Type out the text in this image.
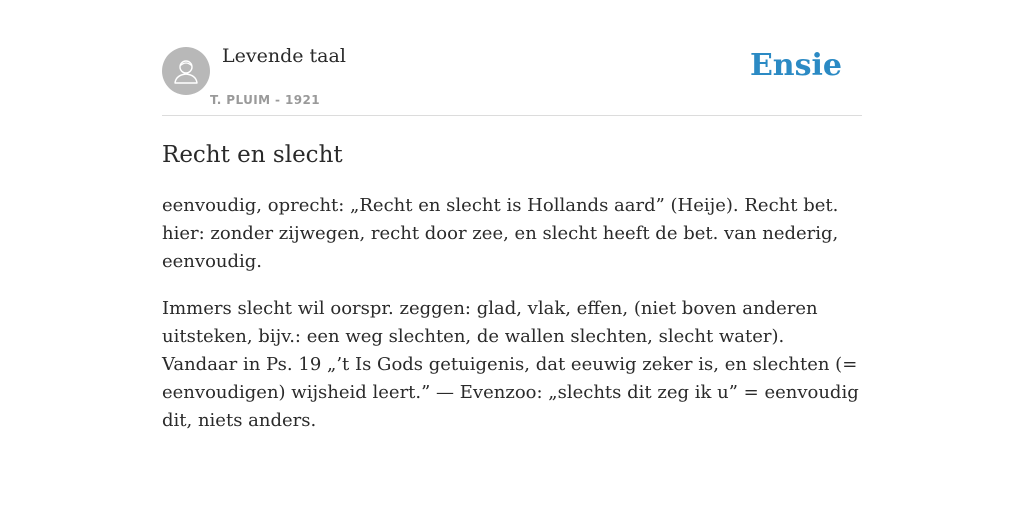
Levende taal
T. PLUIM - 1921
Ensie
Recht en slecht

eenvoudig, oprecht: „Recht en slecht is Hollands aard” (Heije). Recht bet. hier: zonder zijwegen, recht door zee, en slecht heeft de bet. van nederig, eenvoudig.

Immers slecht wil oorspr. zeggen: glad, vlak, effen, (niet boven anderen uitsteken, bijv.: een weg slechten, de wallen slechten, slecht water). Vandaar in Ps. 19 „’t Is Gods getuigenis, dat eeuwig zeker is, en slechten (= eenvoudigen) wijsheid leert.” — Evenzoo: „slechts dit zeg ik u” = eenvoudig dit, niets anders.
